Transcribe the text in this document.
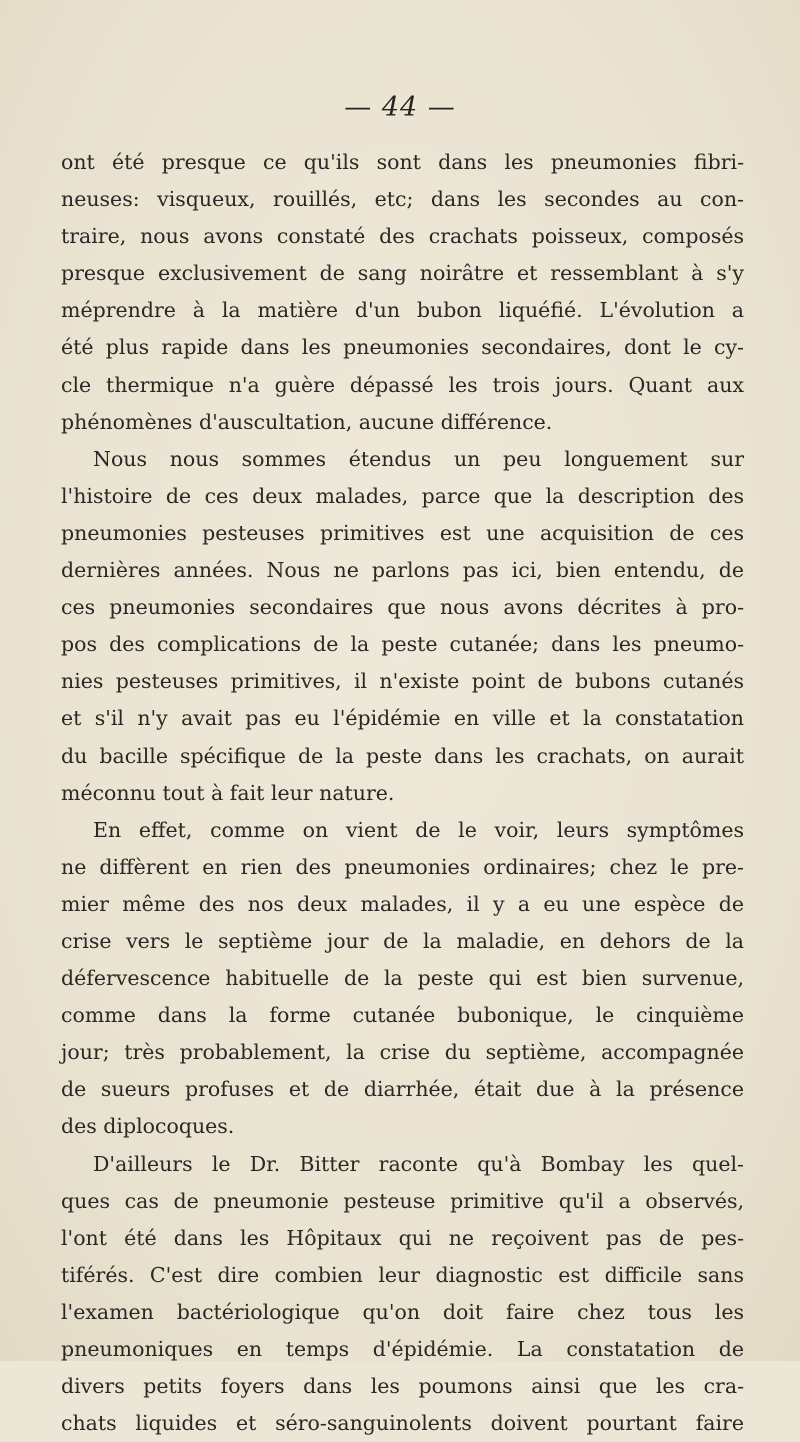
— 44 —
ont été presque ce qu'ils sont dans les pneumonies fibri-
neuses: visqueux, rouillés, etc; dans les secondes au con-
traire, nous avons constaté des crachats poisseux, composés
presque exclusivement de sang noirâtre et ressemblant à s'y
méprendre à la matière d'un bubon liquéfié. L'évolution a
été plus rapide dans les pneumonies secondaires, dont le cy-
cle thermique n'a guère dépassé les trois jours. Quant aux
phénomènes d'auscultation, aucune différence.
Nous nous sommes étendus un peu longuement sur
l'histoire de ces deux malades, parce que la description des
pneumonies pesteuses primitives est une acquisition de ces
dernières années. Nous ne parlons pas ici, bien entendu, de
ces pneumonies secondaires que nous avons décrites à pro-
pos des complications de la peste cutanée; dans les pneumo-
nies pesteuses primitives, il n'existe point de bubons cutanés
et s'il n'y avait pas eu l'épidémie en ville et la constatation
du bacille spécifique de la peste dans les crachats, on aurait
méconnu tout à fait leur nature.
En effet, comme on vient de le voir, leurs symptômes
ne diffèrent en rien des pneumonies ordinaires; chez le pre-
mier même des nos deux malades, il y a eu une espèce de
crise vers le septième jour de la maladie, en dehors de la
défervescence habituelle de la peste qui est bien survenue,
comme dans la forme cutanée bubonique, le cinquième
jour; très probablement, la crise du septième, accompagnée
de sueurs profuses et de diarrhée, était due à la présence
des diplocoques.
D'ailleurs le Dr. Bitter raconte qu'à Bombay les quel-
ques cas de pneumonie pesteuse primitive qu'il a observés,
l'ont été dans les Hôpitaux qui ne reçoivent pas de pes-
tiférés. C'est dire combien leur diagnostic est difficile sans
l'examen bactériologique qu'on doit faire chez tous les
pneumoniques en temps d'épidémie. La constatation de
divers petits foyers dans les poumons ainsi que les cra-
chats liquides et séro-sanguinolents doivent pourtant faire
